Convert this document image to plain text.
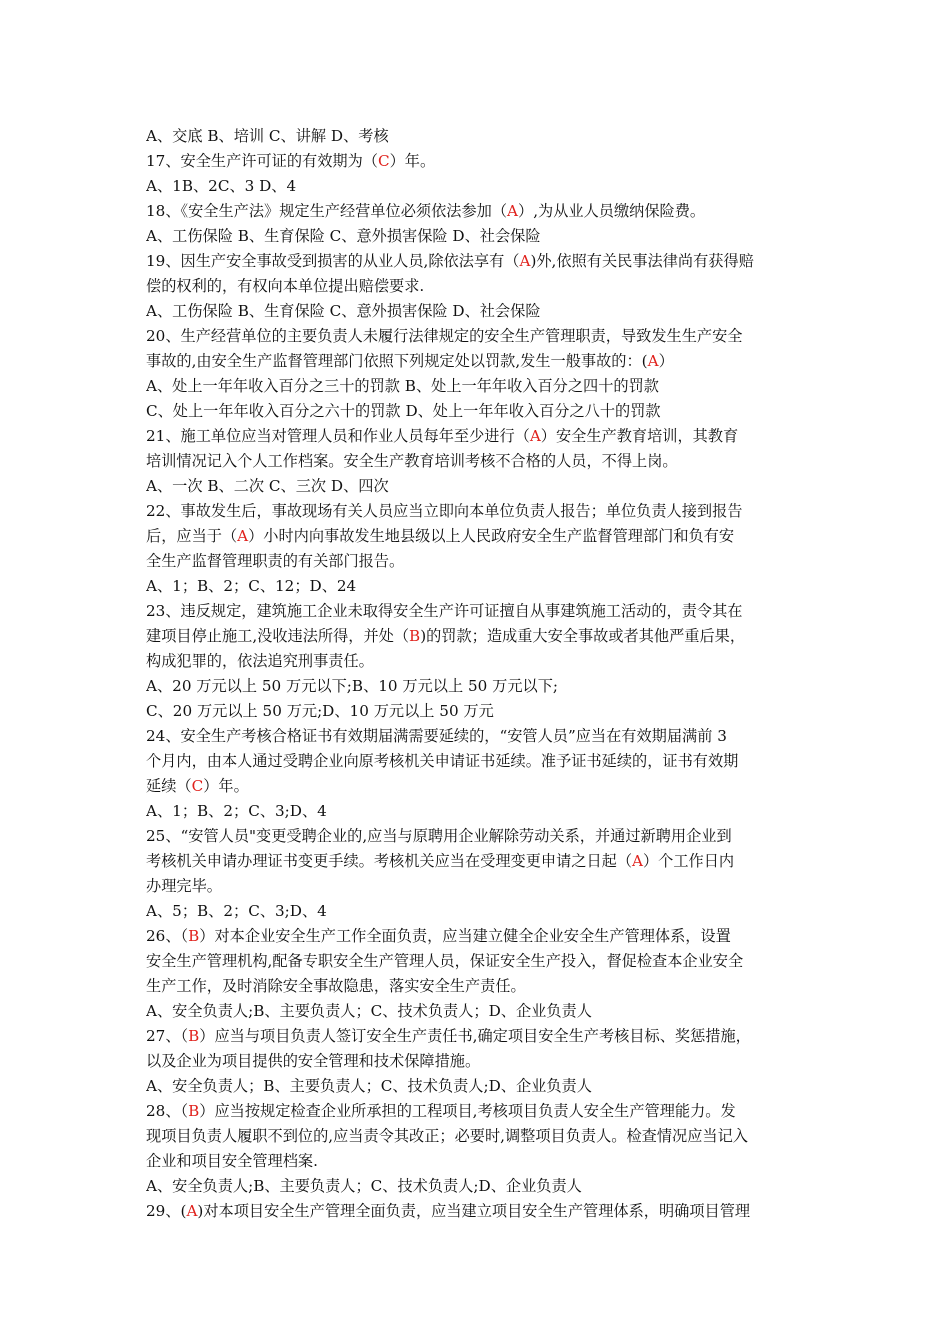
A、交底 B、培训 C、讲解 D、考核
17、安全生产许可证的有效期为（C）年。
A、1B、2C、3 D、4
18、《安全生产法》规定生产经营单位必须依法参加（A）,为从业人员缴纳保险费。
A、工伤保险 B、生育保险 C、意外损害保险 D、社会保险
19、因生产安全事故受到损害的从业人员,除依法享有（A)外,依照有关民事法律尚有获得赔
偿的权利的，有权向本单位提出赔偿要求.
A、工伤保险 B、生育保险 C、意外损害保险 D、社会保险
20、生产经营单位的主要负责人未履行法律规定的安全生产管理职责，导致发生生产安全
事故的,由安全生产监督管理部门依照下列规定处以罚款,发生一般事故的：(A）
A、处上一年年收入百分之三十的罚款 B、处上一年年收入百分之四十的罚款
C、处上一年年收入百分之六十的罚款 D、处上一年年收入百分之八十的罚款
21、施工单位应当对管理人员和作业人员每年至少进行（A）安全生产教育培训，其教育
培训情况记入个人工作档案。安全生产教育培训考核不合格的人员，不得上岗。
A、一次 B、二次 C、三次 D、四次
22、事故发生后，事故现场有关人员应当立即向本单位负责人报告；单位负责人接到报告
后，应当于（A）小时内向事故发生地县级以上人民政府安全生产监督管理部门和负有安
全生产监督管理职责的有关部门报告。
A、1；B、2；C、12；D、24
23、违反规定，建筑施工企业未取得安全生产许可证擅自从事建筑施工活动的，责令其在
建项目停止施工,没收违法所得，并处（B)的罚款；造成重大安全事故或者其他严重后果，
构成犯罪的，依法追究刑事责任。
A、20 万元以上 50 万元以下;B、10 万元以上 50 万元以下;
C、20 万元以上 50 万元;D、10 万元以上 50 万元
24、安全生产考核合格证书有效期届满需要延续的，“安管人员”应当在有效期届满前 3
个月内，由本人通过受聘企业向原考核机关申请证书延续。准予证书延续的，证书有效期
延续（C）年。
A、1；B、2；C、3;D、4
25、“安管人员"变更受聘企业的,应当与原聘用企业解除劳动关系，并通过新聘用企业到
考核机关申请办理证书变更手续。考核机关应当在受理变更申请之日起（A）个工作日内
办理完毕。
A、5；B、2；C、3;D、4
26、（B）对本企业安全生产工作全面负责，应当建立健全企业安全生产管理体系，设置
安全生产管理机构,配备专职安全生产管理人员，保证安全生产投入，督促检查本企业安全
生产工作，及时消除安全事故隐患，落实安全生产责任。
A、安全负责人;B、主要负责人；C、技术负责人；D、企业负责人
27、（B）应当与项目负责人签订安全生产责任书,确定项目安全生产考核目标、奖惩措施，
以及企业为项目提供的安全管理和技术保障措施。
A、安全负责人；B、主要负责人；C、技术负责人;D、企业负责人
28、（B）应当按规定检查企业所承担的工程项目,考核项目负责人安全生产管理能力。发
现项目负责人履职不到位的,应当责令其改正；必要时,调整项目负责人。检查情况应当记入
企业和项目安全管理档案.
A、安全负责人;B、主要负责人；C、技术负责人;D、企业负责人
29、(A)对本项目安全生产管理全面负责，应当建立项目安全生产管理体系，明确项目管理
